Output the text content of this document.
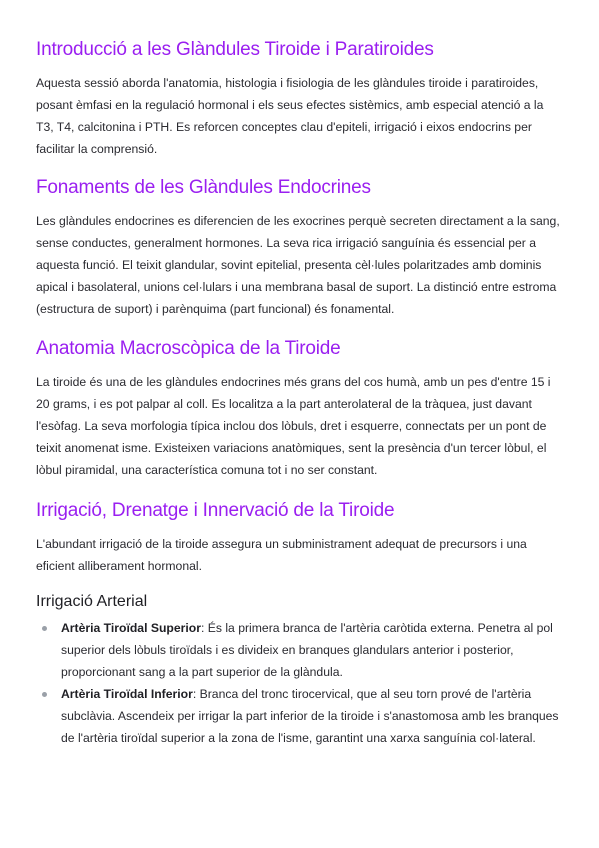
Introducció a les Glàndules Tiroide i Paratiroides

Aquesta sessió aborda l'anatomia, histologia i fisiologia de les glàndules tiroide i paratiroides, posant èmfasi en la regulació hormonal i els seus efectes sistèmics, amb especial atenció a la T3, T4, calcitonina i PTH. Es reforcen conceptes clau d'epiteli, irrigació i eixos endocrins per facilitar la comprensió.

Fonaments de les Glàndules Endocrines

Les glàndules endocrines es diferencien de les exocrines perquè secreten directament a la sang, sense conductes, generalment hormones. La seva rica irrigació sanguínia és essencial per a aquesta funció. El teixit glandular, sovint epitelial, presenta cèl·lules polaritzades amb dominis apical i basolateral, unions cel·lulars i una membrana basal de suport. La distinció entre estroma (estructura de suport) i parènquima (part funcional) és fonamental.

Anatomia Macroscòpica de la Tiroide

La tiroide és una de les glàndules endocrines més grans del cos humà, amb un pes d'entre 15 i 20 grams, i es pot palpar al coll. Es localitza a la part anterolateral de la tràquea, just davant l'esòfag. La seva morfologia típica inclou dos lòbuls, dret i esquerre, connectats per un pont de teixit anomenat isme. Existeixen variacions anatòmiques, sent la presència d'un tercer lòbul, el lòbul piramidal, una característica comuna tot i no ser constant.

Irrigació, Drenatge i Innervació de la Tiroide

L'abundant irrigació de la tiroide assegura un subministrament adequat de precursors i una eficient alliberament hormonal.

Irrigació Arterial
Artèria Tiroïdal Superior: És la primera branca de l'artèria caròtida externa. Penetra al pol superior dels lòbuls tiroïdals i es divideix en branques glandulars anterior i posterior, proporcionant sang a la part superior de la glàndula.
Artèria Tiroïdal Inferior: Branca del tronc tirocervical, que al seu torn prové de l'artèria subclàvia. Ascendeix per irrigar la part inferior de la tiroide i s'anastomosa amb les branques de l'artèria tiroïdal superior a la zona de l'isme, garantint una xarxa sanguínia col·lateral.
